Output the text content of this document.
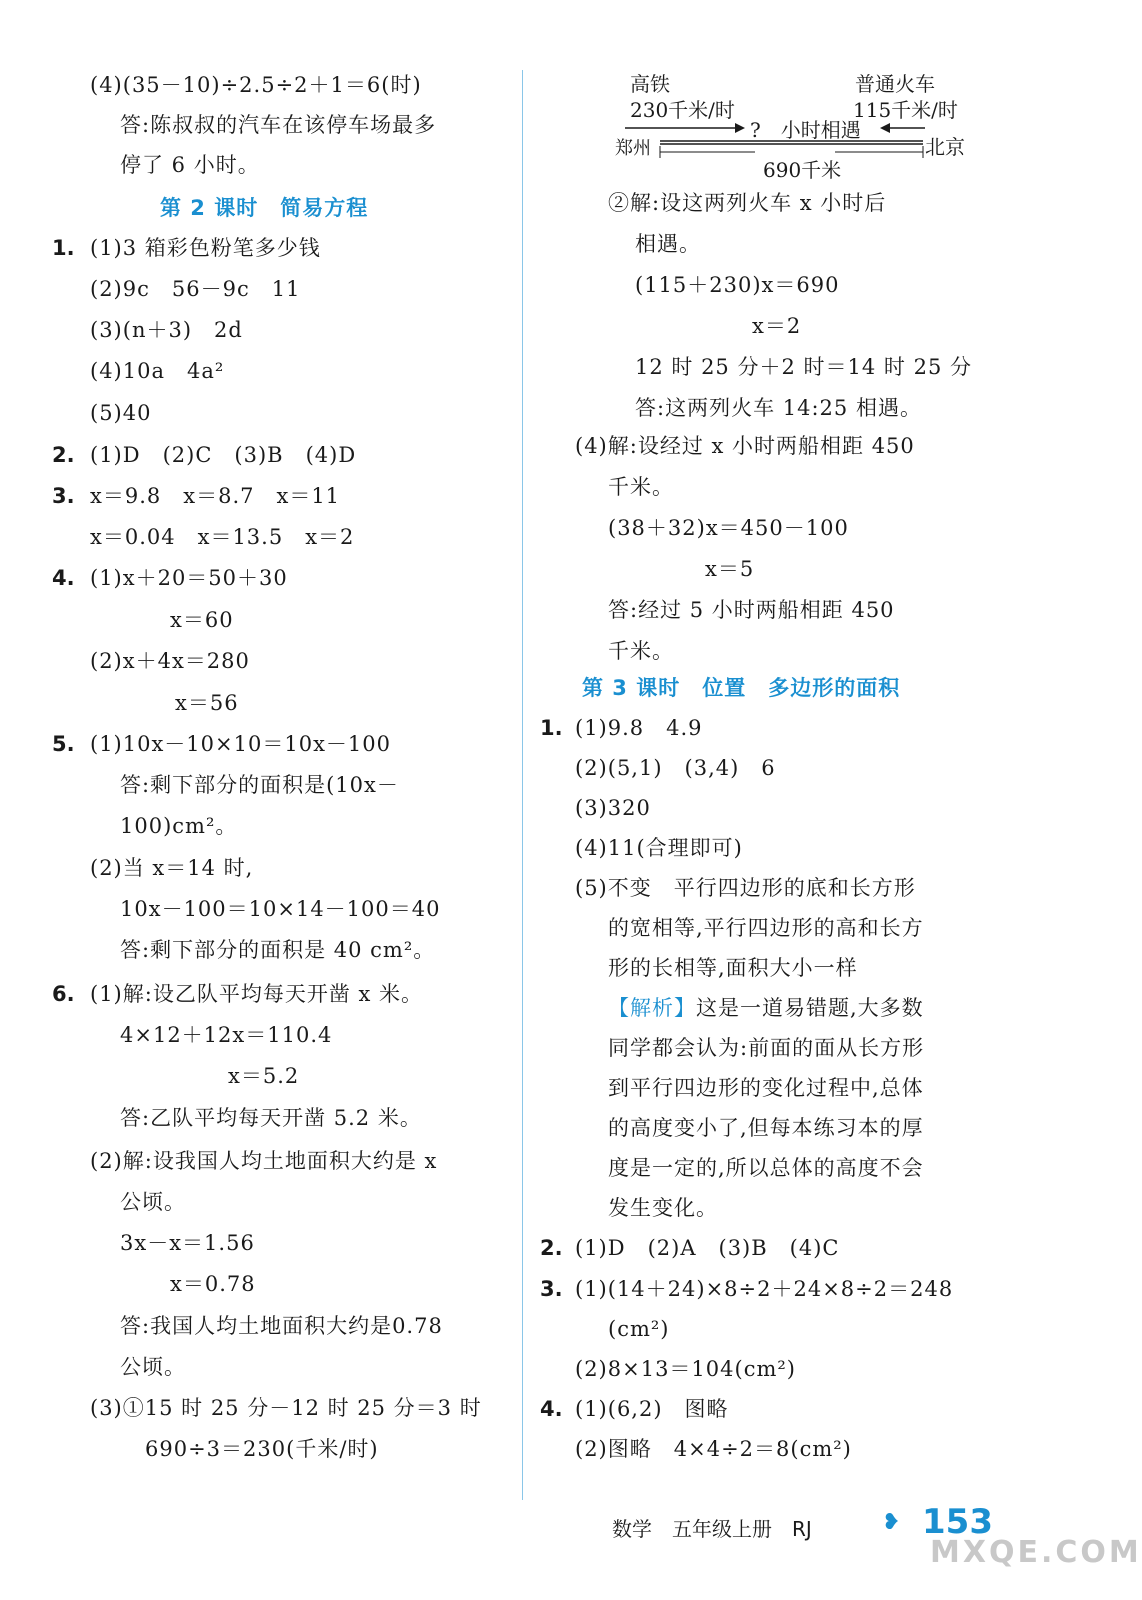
(4)(35－10)÷2.5÷2＋1＝6(时)
答:陈叔叔的汽车在该停车场最多
停了 6 小时。
第 2 课时　简易方程
1. (1)3 箱彩色粉笔多少钱
(2)9c　56－9c　11
(3)(n＋3)　2d
(4)10a　4a²
(5)40
2. (1)D　(2)C　(3)B　(4)D
3. x＝9.8　x＝8.7　x＝11
x＝0.04　x＝13.5　x＝2
4. (1)x＋20＝50＋30
x＝60
(2)x＋4x＝280
x＝56
5. (1)10x－10×10＝10x－100
答:剩下部分的面积是(10x－
100)cm²。
(2)当 x＝14 时,
10x－100＝10×14－100＝40
答:剩下部分的面积是 40 cm²。
6. (1)解:设乙队平均每天开凿 x 米。
4×12＋12x＝110.4
x＝5.2
答:乙队平均每天开凿 5.2 米。
(2)解:设我国人均土地面积大约是 x
公顷。
3x－x＝1.56
x＝0.78
答:我国人均土地面积大约是0.78
公顷。
(3)①15 时 25 分－12 时 25 分＝3 时
690÷3＝230(千米/时)
高铁
230千米/时
普通火车
115千米/时
?　小时相遇
郑州	北京
690千米
②解:设这两列火车 x 小时后
相遇。
(115＋230)x＝690
x＝2
12 时 25 分＋2 时＝14 时 25 分
答:这两列火车 14:25 相遇。
(4)解:设经过 x 小时两船相距 450
千米。
(38＋32)x＝450－100
x＝5
答:经过 5 小时两船相距 450
千米。
第 3 课时　位置　多边形的面积
1. (1)9.8　4.9
(2)(5,1)　(3,4)　6
(3)320
(4)11(合理即可)
(5)不变　平行四边形的底和长方形
的宽相等,平行四边形的高和长方
形的长相等,面积大小一样
【解析】这是一道易错题,大多数
同学都会认为:前面的面从长方形
到平行四边形的变化过程中,总体
的高度变小了,但每本练习本的厚
度是一定的,所以总体的高度不会
发生变化。
2. (1)D　(2)A　(3)B　(4)C
3. (1)(14＋24)×8÷2＋24×8÷2＝248
(cm²)
(2)8×13＝104(cm²)
4. (1)(6,2)　图略
(2)图略　4×4÷2＝8(cm²)
数学　五年级上册　RJ	❥ 153
MXQE.COM
